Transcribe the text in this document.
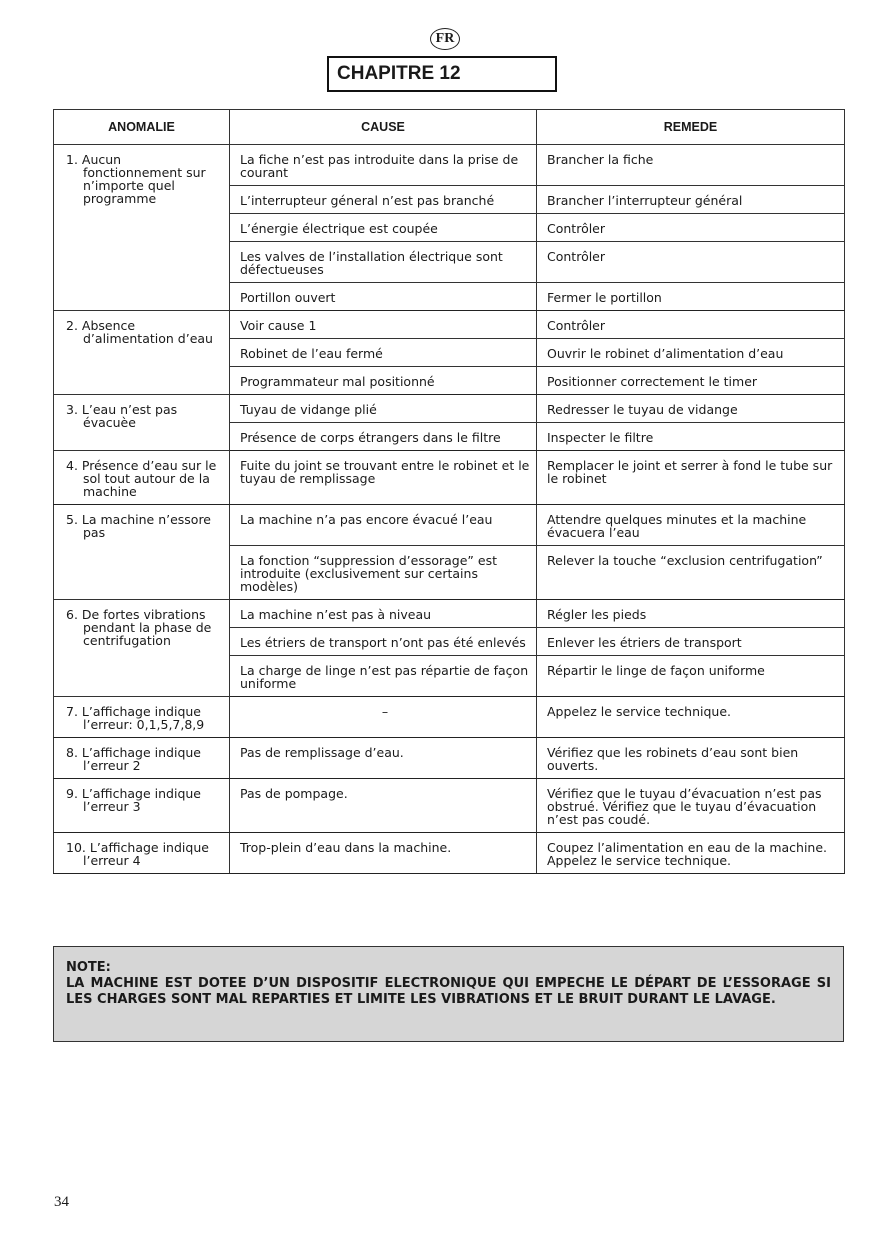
FR
CHAPITRE 12
ANOMALIE	CAUSE	REMEDE

1. Aucun fonctionnement sur n’importe quel programme	La fiche n’est pas introduite dans la prise de courant	Brancher la fiche
	L’interrupteur géneral n’est pas branché	Brancher l’interrupteur général
	L’énergie électrique est coupée	Contrôler
	Les valves de l’installation électrique sont défectueuses	Contrôler
	Portillon ouvert	Fermer le portillon

2. Absence d’alimentation d’eau	Voir cause 1	Contrôler
	Robinet de l’eau fermé	Ouvrir le robinet d’alimentation d’eau
	Programmateur mal positionné	Positionner correctement le timer

3. L’eau n’est pas évacuèe	Tuyau de vidange plié	Redresser le tuyau de vidange
	Présence de corps étrangers dans le filtre	Inspecter le filtre

4. Présence d’eau sur le sol tout autour de la machine	Fuite du joint se trouvant entre le robinet et le tuyau de remplissage	Remplacer le joint et serrer à fond le tube sur le robinet

5. La machine n’essore pas	La machine n’a pas encore évacué l’eau	Attendre quelques minutes et la machine évacuera l’eau
	La fonction “suppression d’essorage” est introduite (exclusivement sur certains modèles)	Relever la touche “exclusion centrifugation”

6. De fortes vibrations pendant la phase de centrifugation	La machine n’est pas à niveau	Régler les pieds
	Les étriers de transport n’ont pas été enlevés	Enlever les étriers de transport
	La charge de linge n’est pas répartie de façon uniforme	Répartir le linge de façon uniforme

7. L’affichage indique l’erreur: 0,1,5,7,8,9	–	Appelez le service technique.

8. L’affichage indique l’erreur 2	Pas de remplissage d’eau.	Vérifiez que les robinets d’eau sont bien ouverts.

9. L’affichage indique l’erreur 3	Pas de pompage.	Vérifiez que le tuyau d’évacuation n’est pas obstrué. Vérifiez que le tuyau d’évacuation n’est pas coudé.

10. L’affichage indique l’erreur 4	Trop-plein d’eau dans la machine.	Coupez l’alimentation en eau de la machine. Appelez le service technique.
NOTE:
LA MACHINE EST DOTEE D’UN DISPOSITIF ELECTRONIQUE QUI EMPECHE LE DÉPART DE L’ESSORAGE SI LES CHARGES SONT MAL REPARTIES ET LIMITE LES VIBRATIONS ET LE BRUIT DURANT LE LAVAGE.
34
